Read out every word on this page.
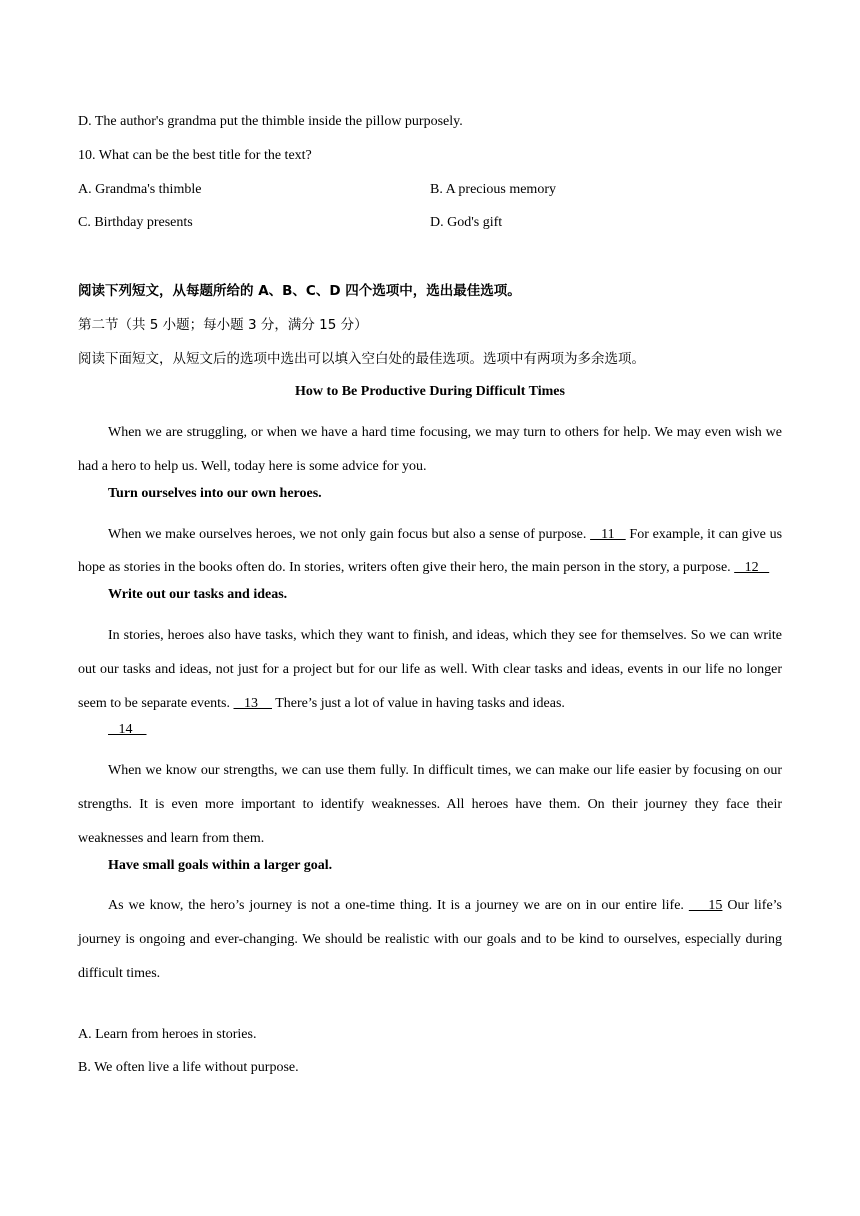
D. The author's grandma put the thimble inside the pillow purposely.
10. What can be the best title for the text?
A. Grandma's thimble	B. A precious memory
C. Birthday presents	D. God's gift
阅读下列短文，从每题所给的 A、B、C、D 四个选项中，选出最佳选项。
第二节（共 5 小题；每小题 3 分，满分 15 分）
阅读下面短文，从短文后的选项中选出可以填入空白处的最佳选项。选项中有两项为多余选项。
How to Be Productive During Difficult Times

When we are struggling, or when we have a hard time focusing, we may turn to others for help. We may even wish we had a hero to help us. Well, today here is some advice for you.

Turn ourselves into our own heroes.

When we make ourselves heroes, we not only gain focus but also a sense of purpose.    11    For example, it can give us hope as stories in the books often do. In stories, writers often give their hero, the main person in the story, a purpose.    12

Write out our tasks and ideas.

In stories, heroes also have tasks, which they want to finish, and ideas, which they see for themselves. So we can write out our tasks and ideas, not just for a project but for our life as well. With clear tasks and ideas, events in our life no longer seem to be separate events.    13     There’s just a lot of value in having tasks and ideas.

14

When we know our strengths, we can use them fully. In difficult times, we can make our life easier by focusing on our strengths. It is even more important to identify weaknesses. All heroes have them. On their journey they face their weaknesses and learn from them.

Have small goals within a larger goal.

As we know, the hero’s journey is not a one-time thing. It is a journey we are on in our entire life.     15 Our life’s journey is ongoing and ever-changing. We should be realistic with our goals and to be kind to ourselves, especially during difficult times.

A. Learn from heroes in stories.
B. We often live a life without purpose.
